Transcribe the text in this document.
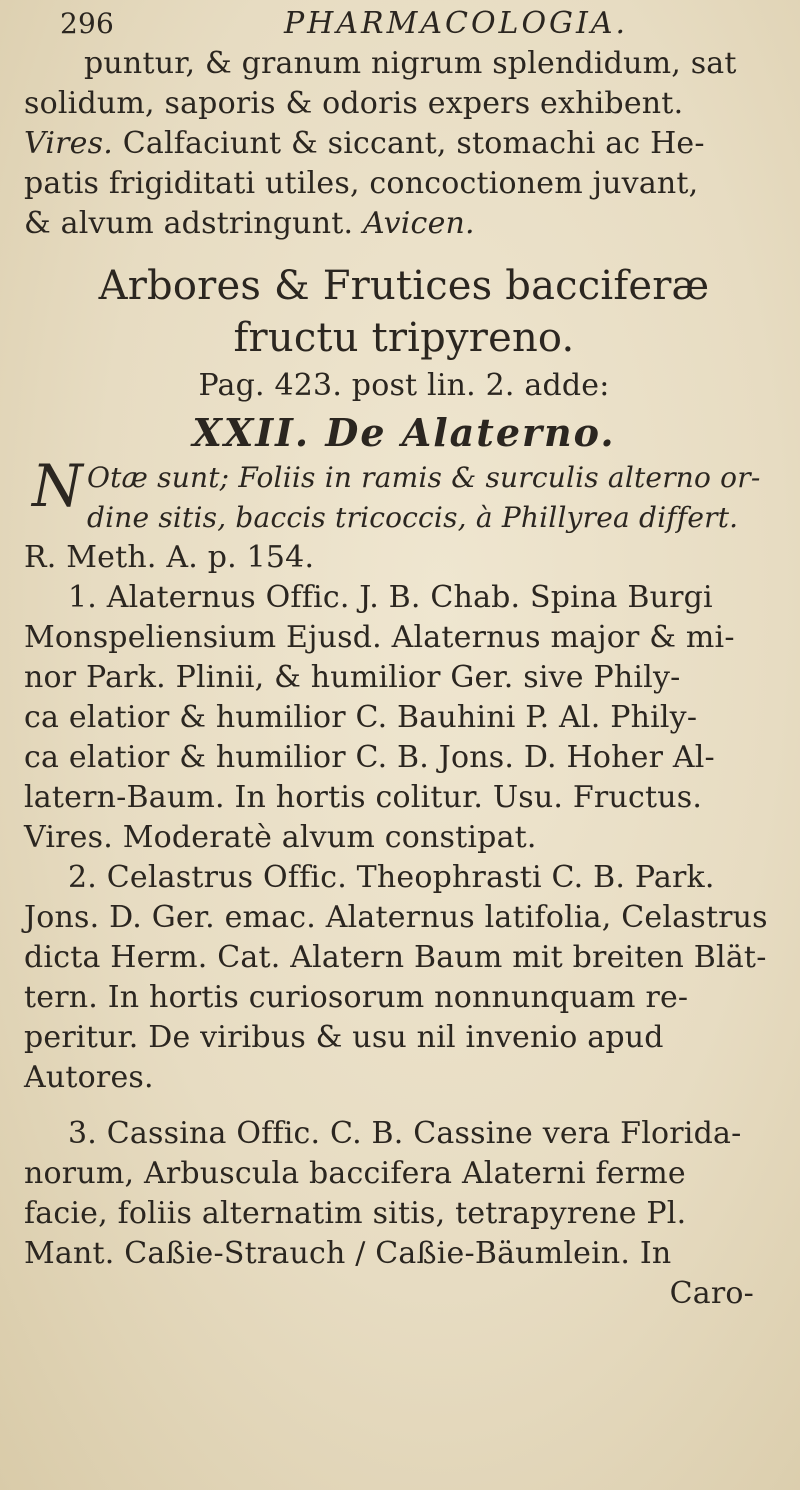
296	PHARMACOLOGIA.
puntur, & granum nigrum splendidum, sat
solidum, saporis & odoris expers exhibent.
Vires. Calfaciunt & siccant, stomachi ac He-
patis frigiditati utiles, concoctionem juvant,
& alvum adstringunt. Avicen.
Arbores & Frutices bacciferæ
fructu tripyreno.
Pag. 423. post lin. 2. adde:
XXII. De Alaterno.
N Otæ sunt; Foliis in ramis & surculis alterno or-
dine sitis, baccis tricoccis, à Phillyrea differt.
R. Meth. A. p. 154.
1. Alaternus Offic. J. B. Chab. Spina Burgi
Monspeliensium Ejusd. Alaternus major & mi-
nor Park. Plinii, & humilior Ger. sive Phily-
ca elatior & humilior C. Bauhini P. Al. Phily-
ca elatior & humilior C. B. Jons. D. Hoher Al-
latern-Baum. In hortis colitur. Usu. Fructus.
Vires. Moderatè alvum constipat.
2. Celastrus Offic. Theophrasti C. B. Park.
Jons. D. Ger. emac. Alaternus latifolia, Celastrus
dicta Herm. Cat. Alatern Baum mit breiten Blät-
tern. In hortis curiosorum nonnunquam re-
peritur. De viribus & usu nil invenio apud
Autores.
3. Cassina Offic. C. B. Cassine vera Florida-
norum, Arbuscula baccifera Alaterni ferme
facie, foliis alternatim sitis, tetrapyrene Pl.
Mant. Caßie-Strauch / Caßie-Bäumlein. In
Caro-
